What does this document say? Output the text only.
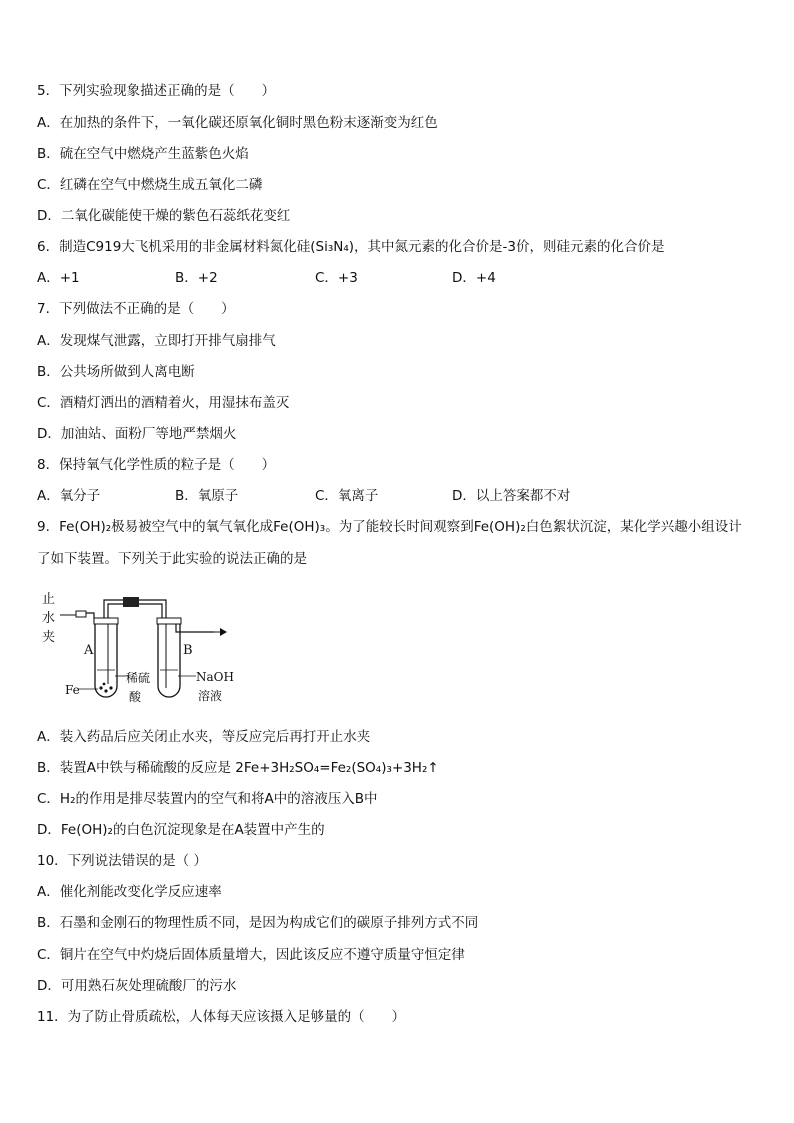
5．下列实验现象描述正确的是（　　）
A．在加热的条件下，一氧化碳还原氧化铜时黑色粉末逐渐变为红色
B．硫在空气中燃烧产生蓝紫色火焰
C．红磷在空气中燃烧生成五氧化二磷
D．二氧化碳能使干燥的紫色石蕊纸花变红
6．制造C919大飞机采用的非金属材料氮化硅(Si₃N₄)，其中氮元素的化合价是-3价，则硅元素的化合价是
A．+1	B．+2	C．+3	D．+4
7．下列做法不正确的是（　　）
A．发现煤气泄露，立即打开排气扇排气
B．公共场所做到人离电断
C．酒精灯洒出的酒精着火，用湿抹布盖灭
D．加油站、面粉厂等地严禁烟火
8．保持氧气化学性质的粒子是（　　）
A．氧分子	B．氧原子	C．氧离子	D．以上答案都不对
9．Fe(OH)₂极易被空气中的氧气氧化成Fe(OH)₃。为了能较长时间观察到Fe(OH)₂白色絮状沉淀，某化学兴趣小组设计
了如下装置。下列关于此实验的说法正确的是
止
水
夹
A	B
Fe
稀硫
酸
NaOH
溶液
A．装入药品后应关闭止水夹，等反应完后再打开止水夹
B．装置A中铁与稀硫酸的反应是 2Fe+3H₂SO₄=Fe₂(SO₄)₃+3H₂↑
C．H₂的作用是排尽装置内的空气和将A中的溶液压入B中
D．Fe(OH)₂的白色沉淀现象是在A装置中产生的
10．下列说法错误的是（ ）
A．催化剂能改变化学反应速率
B．石墨和金刚石的物理性质不同，是因为构成它们的碳原子排列方式不同
C．铜片在空气中灼烧后固体质量增大，因此该反应不遵守质量守恒定律
D．可用熟石灰处理硫酸厂的污水
11．为了防止骨质疏松，人体每天应该摄入足够量的（　　）
